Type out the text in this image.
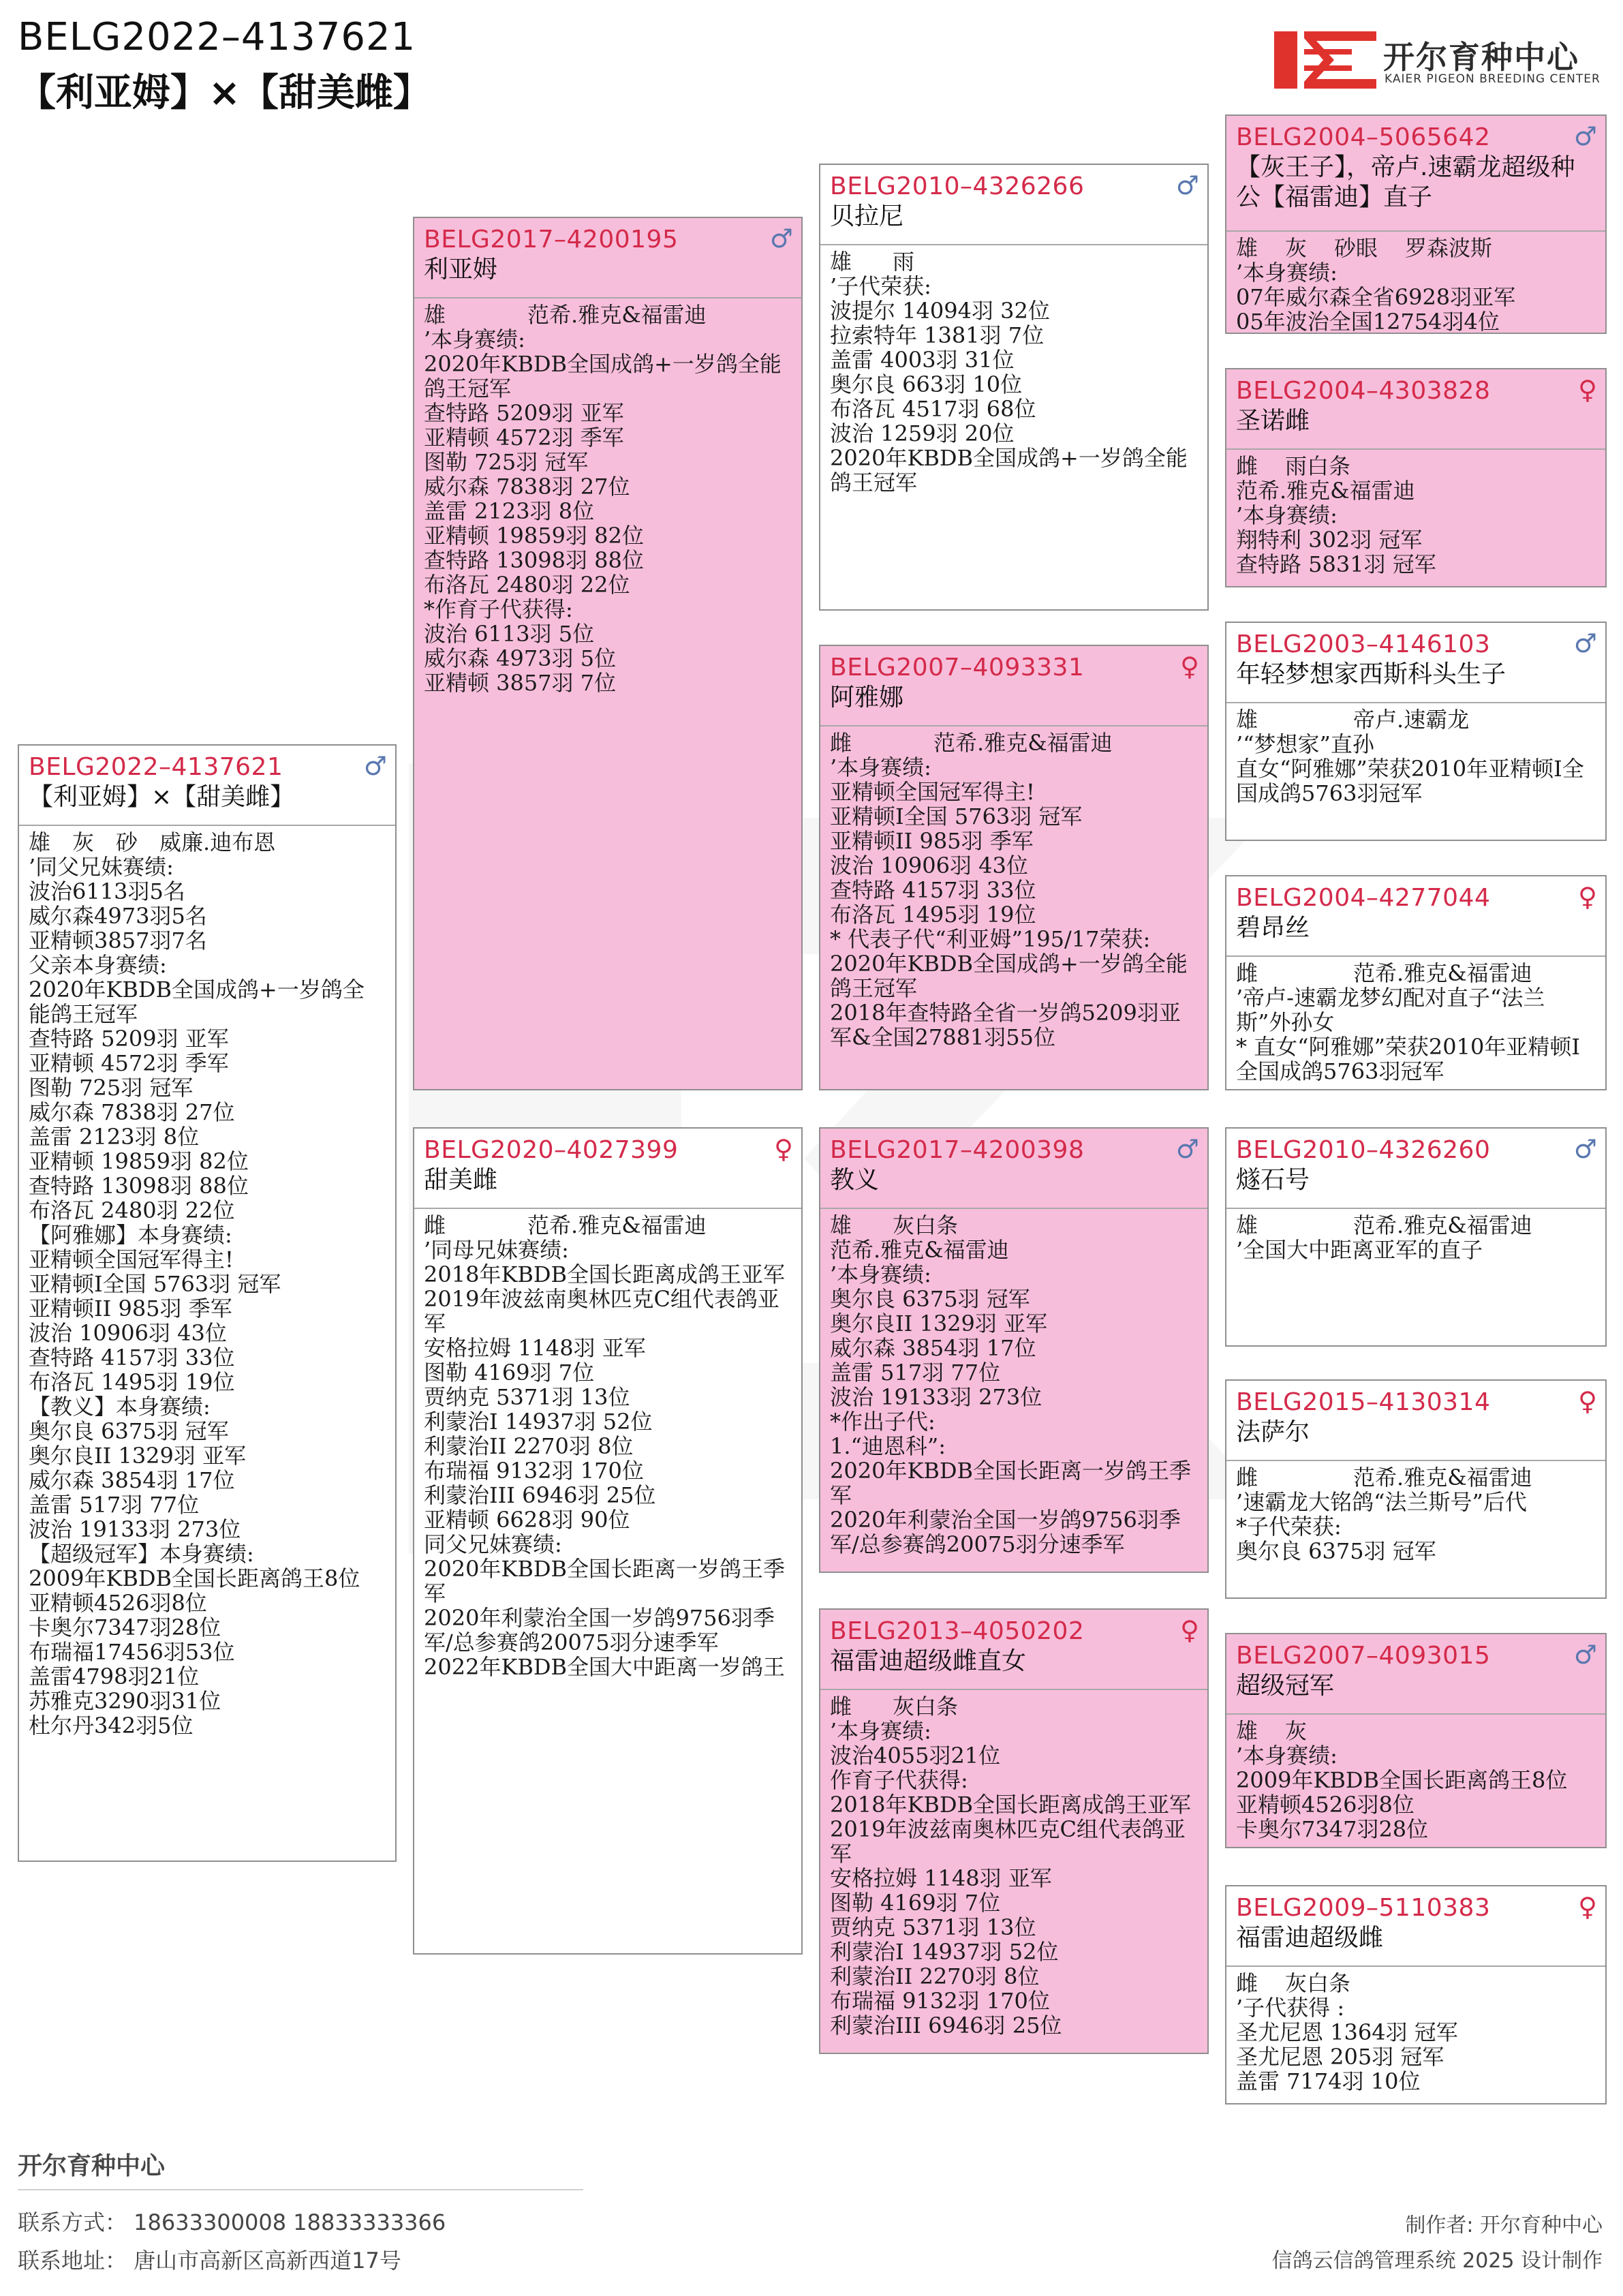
BELG2022–4137621
【利亚姆】×【甜美雌】
开尔育种中心
KAIER PIGEON BREEDING CENTER
BELG2022–4137621
【利亚姆】×【甜美雌】
♂
雄 灰 砂 威廉.迪布恩
’同父兄妹赛绩:
波治6113羽5名
威尔森4973羽5名
亚精顿3857羽7名
父亲本身赛绩:
2020年KBDB全国成鸽+一岁鸽全能鸽王冠军
查特路 5209羽 亚军
亚精顿 4572羽 季军
图勒 725羽 冠军
威尔森 7838羽 27位
盖雷 2123羽 8位
亚精顿 19859羽 82位
查特路 13098羽 88位
布洛瓦 2480羽 22位
【阿雅娜】本身赛绩:
亚精顿全国冠军得主!
亚精顿I全国 5763羽 冠军
亚精顿II 985羽 季军
波治 10906羽 43位
查特路 4157羽 33位
布洛瓦 1495羽 19位
【教义】本身赛绩:
奥尔良 6375羽 冠军
奥尔良II 1329羽 亚军
威尔森 3854羽 17位
盖雷 517羽 77位
波治 19133羽 273位
【超级冠军】本身赛绩:
2009年KBDB全国长距离鸽王8位
亚精顿4526羽8位
卡奥尔7347羽28位
布瑞福17456羽53位
盖雷4798羽21位
苏雅克3290羽31位
杜尔丹342羽5位
BELG2017–4200195
利亚姆
♂
雄	范希.雅克&福雷迪
’本身赛绩:
2020年KBDB全国成鸽+一岁鸽全能鸽王冠军
查特路 5209羽 亚军
亚精顿 4572羽 季军
图勒 725羽 冠军
威尔森 7838羽 27位
盖雷 2123羽 8位
亚精顿 19859羽 82位
查特路 13098羽 88位
布洛瓦 2480羽 22位
*作育子代获得:
波治 6113羽 5位
威尔森 4973羽 5位
亚精顿 3857羽 7位
BELG2020–4027399
甜美雌
♀
雌	范希.雅克&福雷迪
’同母兄妹赛绩:
2018年KBDB全国长距离成鸽王亚军
2019年波兹南奥林匹克C组代表鸽亚军
安格拉姆 1148羽 亚军
图勒 4169羽 7位
贾纳克 5371羽 13位
利蒙治I 14937羽 52位
利蒙治II 2270羽 8位
布瑞福 9132羽 170位
利蒙治III 6946羽 25位
亚精顿 6628羽 90位
同父兄妹赛绩:
2020年KBDB全国长距离一岁鸽王季军
2020年利蒙治全国一岁鸽9756羽季军/总参赛鸽20075羽分速季军
2022年KBDB全国大中距离一岁鸽王
BELG2010–4326266
贝拉尼
♂
雄 雨
’子代荣获:
波提尔 14094羽 32位
拉索特年 1381羽 7位
盖雷 4003羽 31位
奥尔良 663羽 10位
布洛瓦 4517羽 68位
波治 1259羽 20位
2020年KBDB全国成鸽+一岁鸽全能鸽王冠军
BELG2007–4093331
阿雅娜
♀
雌	范希.雅克&福雷迪
’本身赛绩:
亚精顿全国冠军得主!
亚精顿I全国 5763羽 冠军
亚精顿II 985羽 季军
波治 10906羽 43位
查特路 4157羽 33位
布洛瓦 1495羽 19位
* 代表子代“利亚姆”195/17荣获:
2020年KBDB全国成鸽+一岁鸽全能鸽王冠军
2018年查特路全省一岁鸽5209羽亚军&全国27881羽55位
BELG2017–4200398
教义
♂
雄 灰白条
范希.雅克&福雷迪
’本身赛绩:
奥尔良 6375羽 冠军
奥尔良II 1329羽 亚军
威尔森 3854羽 17位
盖雷 517羽 77位
波治 19133羽 273位
*作出子代:
1.“迪恩科”:
2020年KBDB全国长距离一岁鸽王季军
2020年利蒙治全国一岁鸽9756羽季军/总参赛鸽20075羽分速季军
BELG2013–4050202
福雷迪超级雌直女
♀
雌 灰白条
’本身赛绩:
波治4055羽21位
作育子代获得:
2018年KBDB全国长距离成鸽王亚军
2019年波兹南奥林匹克C组代表鸽亚军
安格拉姆 1148羽 亚军
图勒 4169羽 7位
贾纳克 5371羽 13位
利蒙治I 14937羽 52位
利蒙治II 2270羽 8位
布瑞福 9132羽 170位
利蒙治III 6946羽 25位
BELG2004–5065642
【灰王子】，帝卢.速霸龙超级种公【福雷迪】直子
♂
雄 灰 砂眼 罗森波斯
’本身赛绩:
07年威尔森全省6928羽亚军
05年波治全国12754羽4位
BELG2004–4303828
圣诺雌
♀
雌 雨白条
范希.雅克&福雷迪
’本身赛绩:
翔特利 302羽 冠军
查特路 5831羽 冠军
BELG2003–4146103
年轻梦想家西斯科头生子
♂
雄	帝卢.速霸龙
’“梦想家”直孙
直女“阿雅娜”荣获2010年亚精顿I全国成鸽5763羽冠军
BELG2004–4277044
碧昂丝
♀
雌	范希.雅克&福雷迪
’帝卢-速霸龙梦幻配对直子“法兰斯”外孙女
* 直女“阿雅娜”荣获2010年亚精顿I全国成鸽5763羽冠军
BELG2010–4326260
燧石号
♂
雄	范希.雅克&福雷迪
’全国大中距离亚军的直子
BELG2015–4130314
法萨尔
♀
雌	范希.雅克&福雷迪
’速霸龙大铭鸽“法兰斯号”后代
*子代荣获:
奥尔良 6375羽 冠军
BELG2007–4093015
超级冠军
♂
雄 灰
’本身赛绩:
2009年KBDB全国长距离鸽王8位
亚精顿4526羽8位
卡奥尔7347羽28位
BELG2009–5110383
福雷迪超级雌
♀
雌 灰白条
’子代获得 :
圣尤尼恩 1364羽 冠军
圣尤尼恩 205羽 冠军
盖雷 7174羽 10位
开尔育种中心
联系方式： 18633300008 18833333366
联系地址： 唐山市高新区高新西道17号
制作者: 开尔育种中心
信鸽云信鸽管理系统 2025 设计制作
